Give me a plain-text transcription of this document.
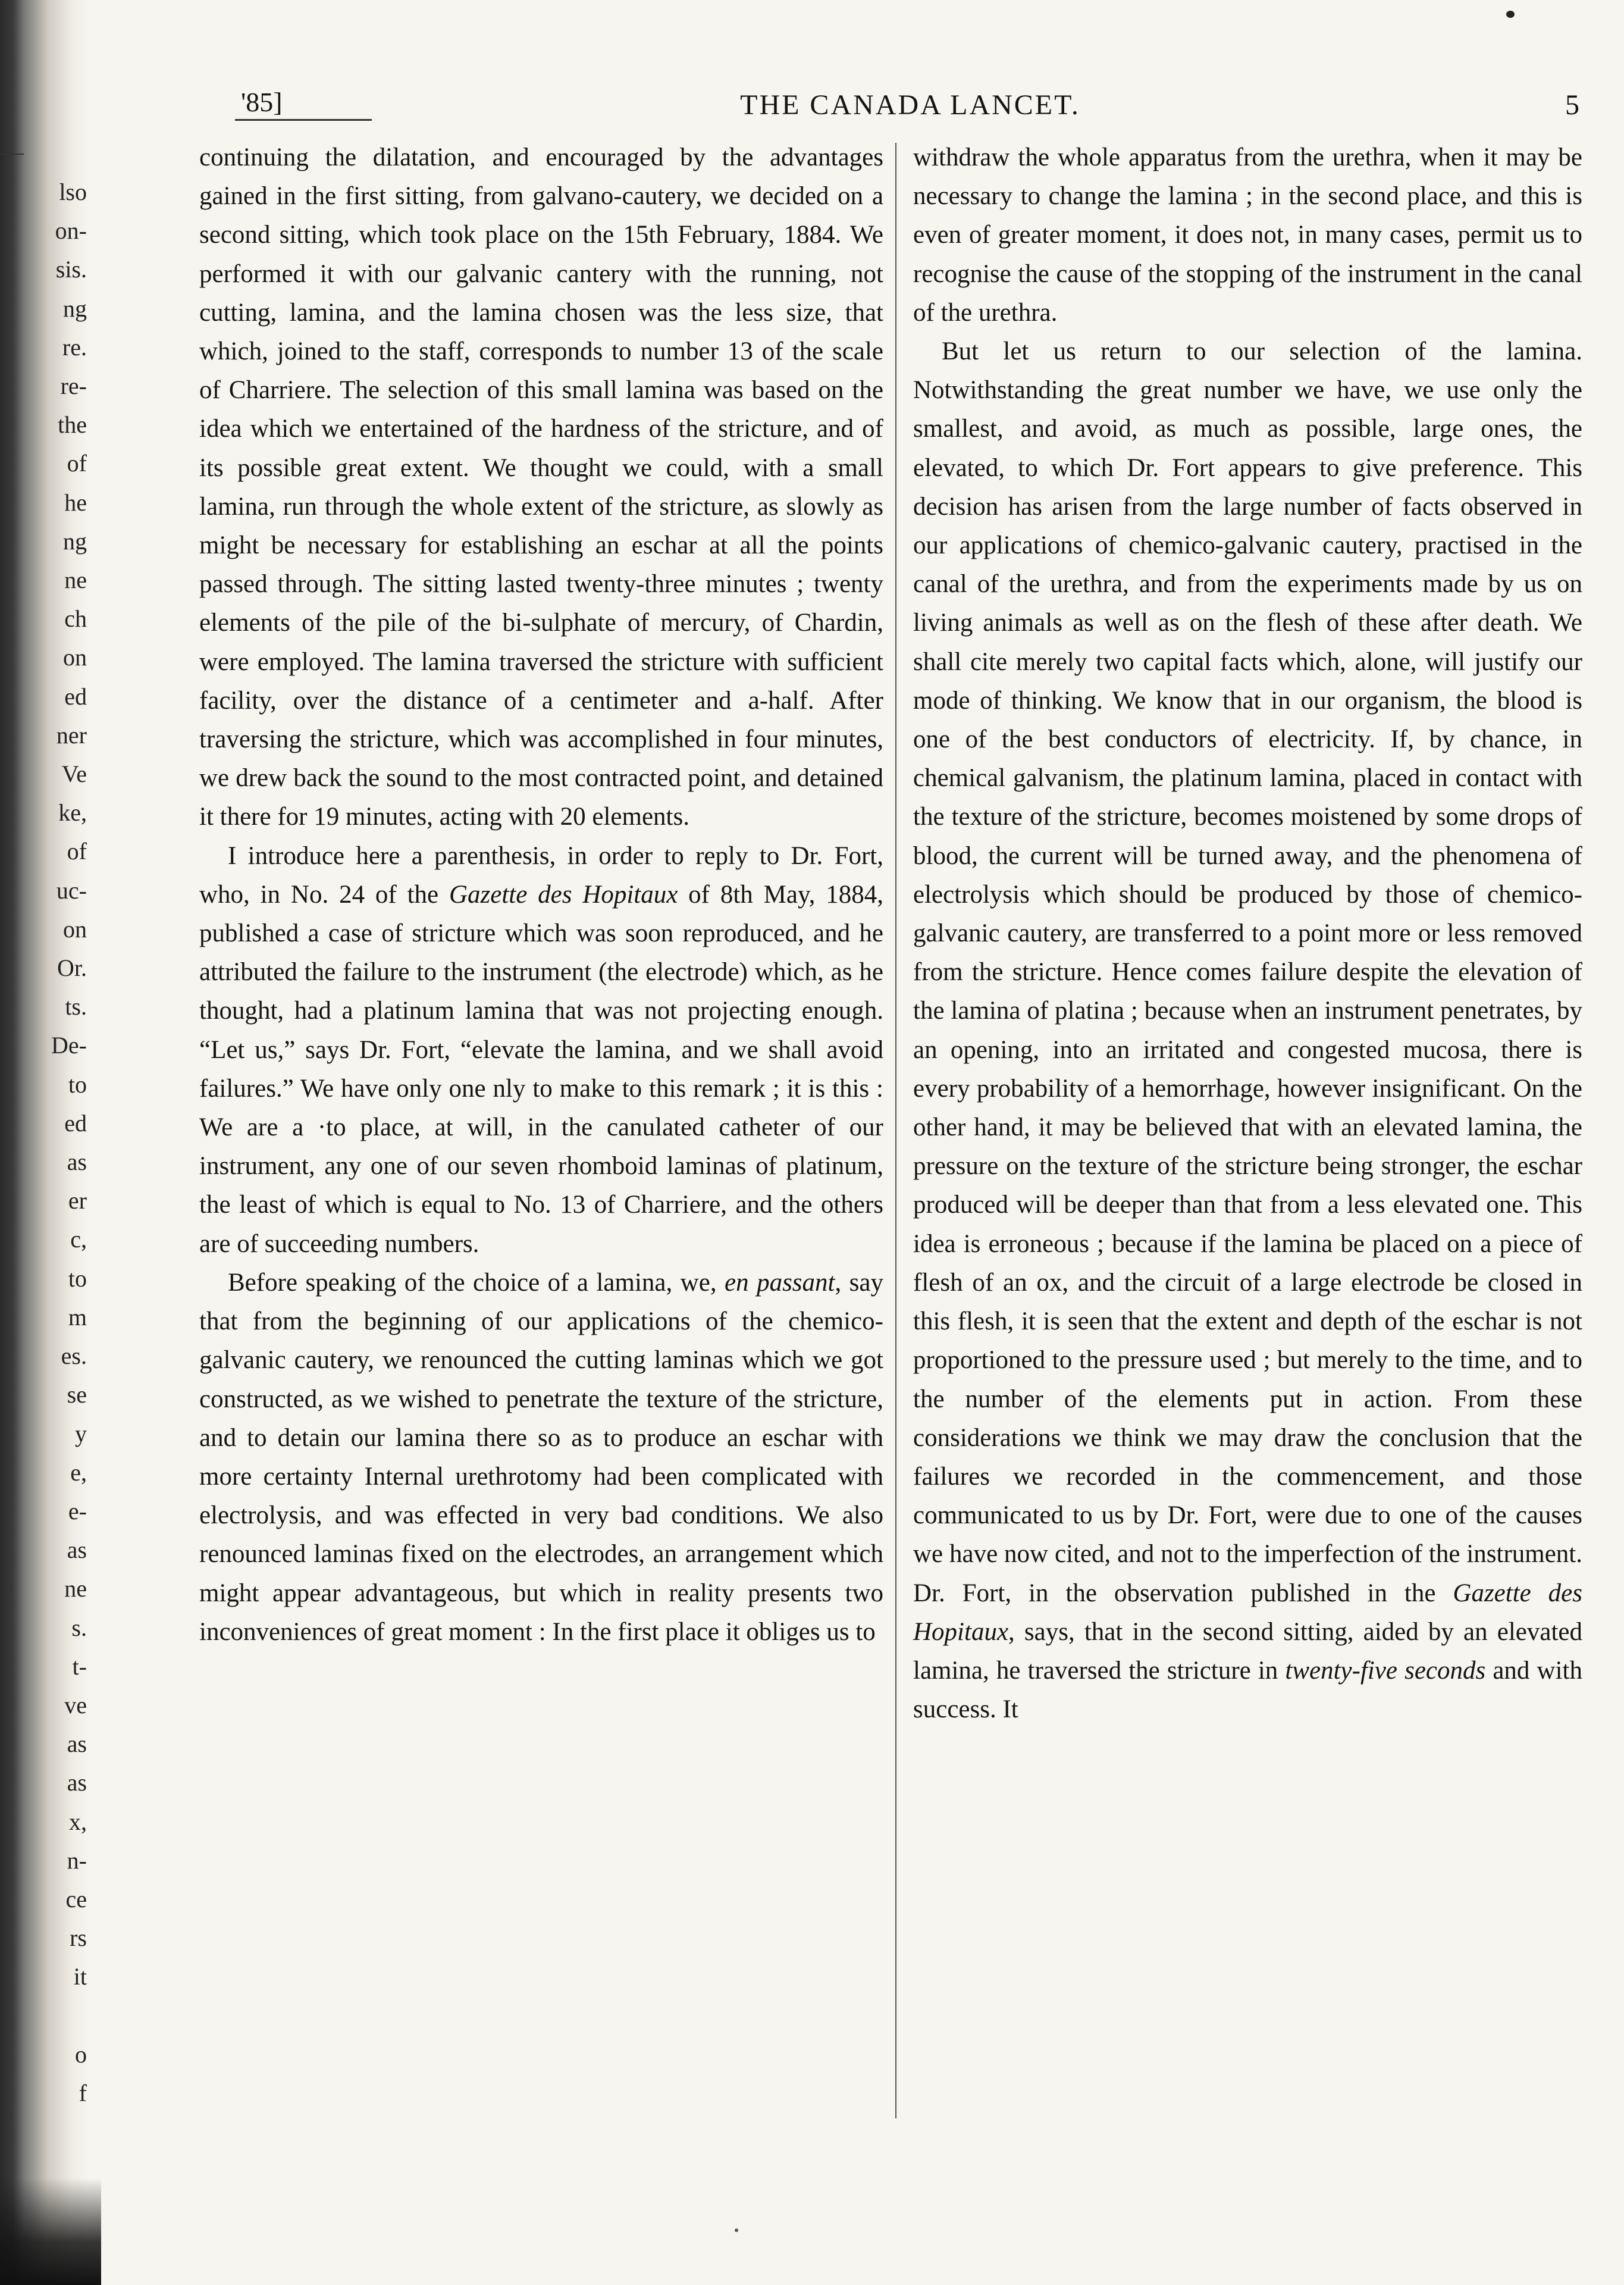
lso
on-
sis.
ng
re.
re-
the
of
he
ng
ne
ch
on
ed
ner
Ve
ke,
of
uc-
on
Or.
ts.
De-
to
ed
as
er
c,
to
m
es.
se
y
e,
e-
as
ne
s.
t-
ve
as
as
x,
n-
ce
rs
it

o
f
'85]	THE CANADA LANCET.	5

continuing the dilatation, and encouraged by the advantages gained in the first sitting, from galvano-cautery, we decided on a second sitting, which took place on the 15th February, 1884. We performed it with our galvanic cantery with the running, not cutting, lamina, and the lamina chosen was the less size, that which, joined to the staff, corresponds to number 13 of the scale of Charriere. The selection of this small lamina was based on the idea which we entertained of the hardness of the stricture, and of its possible great extent. We thought we could, with a small lamina, run through the whole extent of the stricture, as slowly as might be necessary for establishing an eschar at all the points passed through. The sitting lasted twenty-three minutes ; twenty elements of the pile of the bi-sulphate of mercury, of Chardin, were employed. The lamina traversed the stricture with sufficient facility, over the distance of a centimeter and a-half. After traversing the stricture, which was accomplished in four minutes, we drew back the sound to the most contracted point, and detained it there for 19 minutes, acting with 20 elements.

I introduce here a parenthesis, in order to reply to Dr. Fort, who, in No. 24 of the Gazette des Hopitaux of 8th May, 1884, published a case of stricture which was soon reproduced, and he attributed the failure to the instrument (the electrode) which, as he thought, had a platinum lamina that was not projecting enough. “Let us,” says Dr. Fort, “elevate the lamina, and we shall avoid failures.” We have only one nly to make to this remark ; it is this : We are a ·to place, at will, in the canulated catheter of our instrument, any one of our seven rhomboid laminas of platinum, the least of which is equal to No. 13 of Charriere, and the others are of succeeding numbers.

Before speaking of the choice of a lamina, we, en passant, say that from the beginning of our applications of the chemico-galvanic cautery, we renounced the cutting laminas which we got constructed, as we wished to penetrate the texture of the stricture, and to detain our lamina there so as to produce an eschar with more certainty Internal urethrotomy had been complicated with electrolysis, and was effected in very bad conditions. We also renounced laminas fixed on the electrodes, an arrangement which might appear advantageous, but which in reality presents two inconveniences of great moment : In the first place it obliges us to

withdraw the whole apparatus from the urethra, when it may be necessary to change the lamina ; in the second place, and this is even of greater moment, it does not, in many cases, permit us to recognise the cause of the stopping of the instrument in the canal of the urethra.

But let us return to our selection of the lamina. Notwithstanding the great number we have, we use only the smallest, and avoid, as much as possible, large ones, the elevated, to which Dr. Fort appears to give preference. This decision has arisen from the large number of facts observed in our applications of chemico-galvanic cautery, practised in the canal of the urethra, and from the experiments made by us on living animals as well as on the flesh of these after death. We shall cite merely two capital facts which, alone, will justify our mode of thinking. We know that in our organism, the blood is one of the best conductors of electricity. If, by chance, in chemical galvanism, the platinum lamina, placed in contact with the texture of the stricture, becomes moistened by some drops of blood, the current will be turned away, and the phenomena of electrolysis which should be produced by those of chemico-galvanic cautery, are transferred to a point more or less removed from the stricture. Hence comes failure despite the elevation of the lamina of platina ; because when an instrument penetrates, by an opening, into an irritated and congested mucosa, there is every probability of a hemorrhage, however insignificant. On the other hand, it may be believed that with an elevated lamina, the pressure on the texture of the stricture being stronger, the eschar produced will be deeper than that from a less elevated one. This idea is erroneous ; because if the lamina be placed on a piece of flesh of an ox, and the circuit of a large electrode be closed in this flesh, it is seen that the extent and depth of the eschar is not proportioned to the pressure used ; but merely to the time, and to the number of the elements put in action. From these considerations we think we may draw the conclusion that the failures we recorded in the commencement, and those communicated to us by Dr. Fort, were due to one of the causes we have now cited, and not to the imperfection of the instrument. Dr. Fort, in the observation published in the Gazette des Hopitaux, says, that in the second sitting, aided by an elevated lamina, he traversed the stricture in twenty-five seconds and with success. It
